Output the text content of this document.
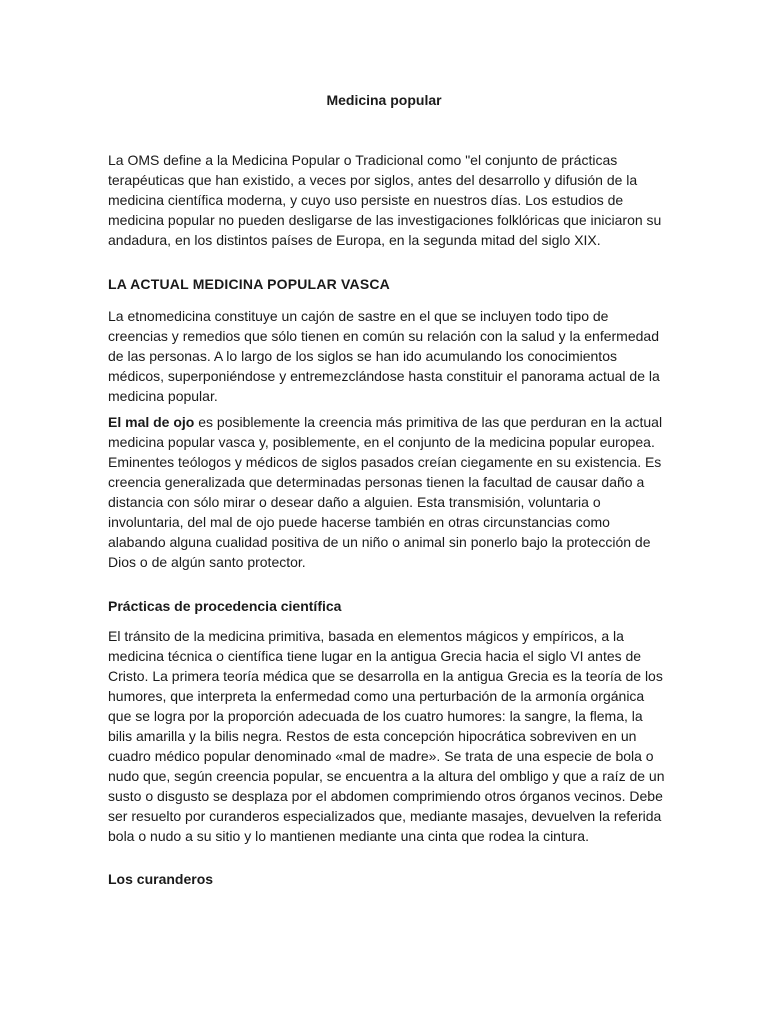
Medicina popular

La OMS define a la Medicina Popular o Tradicional como "el conjunto de prácticas terapéuticas que han existido, a veces por siglos, antes del desarrollo y difusión de la medicina científica moderna, y cuyo uso persiste en nuestros días. Los estudios de medicina popular no pueden desligarse de las investigaciones folklóricas que iniciaron su andadura, en los distintos países de Europa, en la segunda mitad del siglo XIX.

LA ACTUAL MEDICINA POPULAR VASCA

La etnomedicina constituye un cajón de sastre en el que se incluyen todo tipo de creencias y remedios que sólo tienen en común su relación con la salud y la enfermedad de las personas. A lo largo de los siglos se han ido acumulando los conocimientos médicos, superponiéndose y entremezclándose hasta constituir el panorama actual de la medicina popular.

El mal de ojo es posiblemente la creencia más primitiva de las que perduran en la actual medicina popular vasca y, posiblemente, en el conjunto de la medicina popular europea. Eminentes teólogos y médicos de siglos pasados creían ciegamente en su existencia. Es creencia generalizada que determinadas personas tienen la facultad de causar daño a distancia con sólo mirar o desear daño a alguien. Esta transmisión, voluntaria o involuntaria, del mal de ojo puede hacerse también en otras circunstancias como alabando alguna cualidad positiva de un niño o animal sin ponerlo bajo la protección de Dios o de algún santo protector.

Prácticas de procedencia científica

El tránsito de la medicina primitiva, basada en elementos mágicos y empíricos, a la medicina técnica o científica tiene lugar en la antigua Grecia hacia el siglo VI antes de Cristo. La primera teoría médica que se desarrolla en la antigua Grecia es la teoría de los humores, que interpreta la enfermedad como una perturbación de la armonía orgánica que se logra por la proporción adecuada de los cuatro humores: la sangre, la flema, la bilis amarilla y la bilis negra. Restos de esta concepción hipocrática sobreviven en un cuadro médico popular denominado «mal de madre». Se trata de una especie de bola o nudo que, según creencia popular, se encuentra a la altura del ombligo y que a raíz de un susto o disgusto se desplaza por el abdomen comprimiendo otros órganos vecinos. Debe ser resuelto por curanderos especializados que, mediante masajes, devuelven la referida bola o nudo a su sitio y lo mantienen mediante una cinta que rodea la cintura.

Los curanderos
